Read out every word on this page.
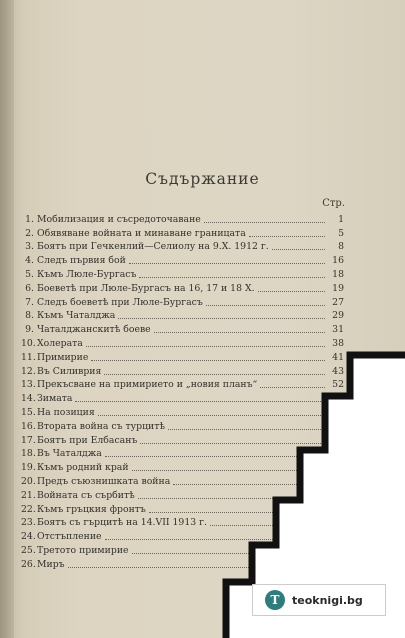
Съдържание
Стр.
1. Мобилизация и съсредоточаване	1
2. Обявяване войната и минаване границата	5
3. Боятъ при Гечкенлий—Селиолу на 9.Х. 1912 г.	8
4. Следъ първия бой	16
5. Къмъ Люле-Бургасъ	18
6. Боеветѣ при Люле-Бургасъ на 16, 17 и 18 Х.	19
7. Следъ боеветѣ при Люле-Бургасъ	27
8. Къмъ Чаталджа	29
9. Чаталджанскитѣ боеве	31
10. Холерата	38
11. Примирие	41
12. Въ Силиврия	43
13. Прекъсване на примирието и „новия планъ“	52
14. Зимата
15. На позиция
16. Втората война съ турцитѣ
17. Боятъ при Елбасанъ
18. Въ Чаталджа
19. Къмъ родний край
20. Предъ съюзнишката война
21. Войната съ сърбитѣ
22. Къмъ гръцкия фронтъ
23. Боятъ съ гърцитѣ на 14.VII 1913 г.
24. Отстъпление
25. Третото примирие
26. Миръ
T	teoknigi.bg
